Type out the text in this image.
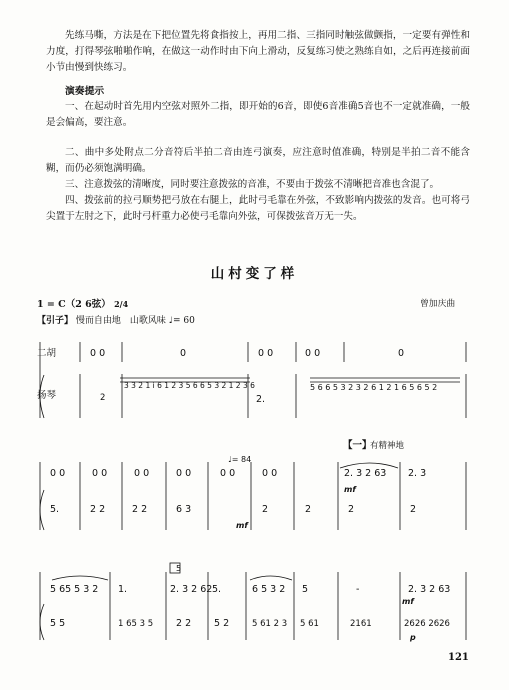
先练马嘶，方法是在下把位置先将食指按上，再用二指、三指同时触弦做颤指，一定要有弹性和力度，打得琴弦啪啪作响，在做这一动作时由下向上滑动，反复练习使之熟练自如，之后再连接前面小节由慢到快练习。

演奏提示

一、在起动时首先用内空弦对照外二指，即开始的6音，即使6音准确5音也不一定就准确，一般是会偏高，要注意。

二、曲中多处附点二分音符后半拍二音由连弓演奏，应注意时值准确，特别是半拍二音不能含糊，而仍必须饱满明确。

三、注意拨弦的清晰度，同时要注意拨弦的音准，不要由于拨弦不清晰把音准也含混了。

四、拨弦前的拉弓顺势把弓放在右腿上，此时弓毛靠在外弦，不致影响内拨弦的发音。也可将弓尖置于左肘之下，此时弓杆重力必使弓毛靠向外弦，可保拨弦音万无一失。

山村变了样
1 = C（2 6弦） 2/4	曾加庆曲
【引子】 慢而自由地　山歌风味 ♩= 60
二胡
扬琴
0 0	0	0 0	0 0	0
3 3 2 1 i 6 1 2 3 5 6 6 5 3 2 1 2 3 6
2	2.
5 6 6 5 3 2 3 2 6 1 2 1 6 5 6 5 2
【一】
有精神地
♩= 84
0 0	0 0	0 0	0 0	0 0	0 0	2. 3 2 63 2. 3
5.	2 2	2 2	6 3	2	2	2	2
mf
mf
5
5 65 5 3 2 1.	2. 3 2 62 5.	6 5 3 2 5	-	2. 3 2 63
5 5	1 65 3 5 2 2 5 2	5 61 2 3 5 61	2161	2626 2626
mf
p
121
